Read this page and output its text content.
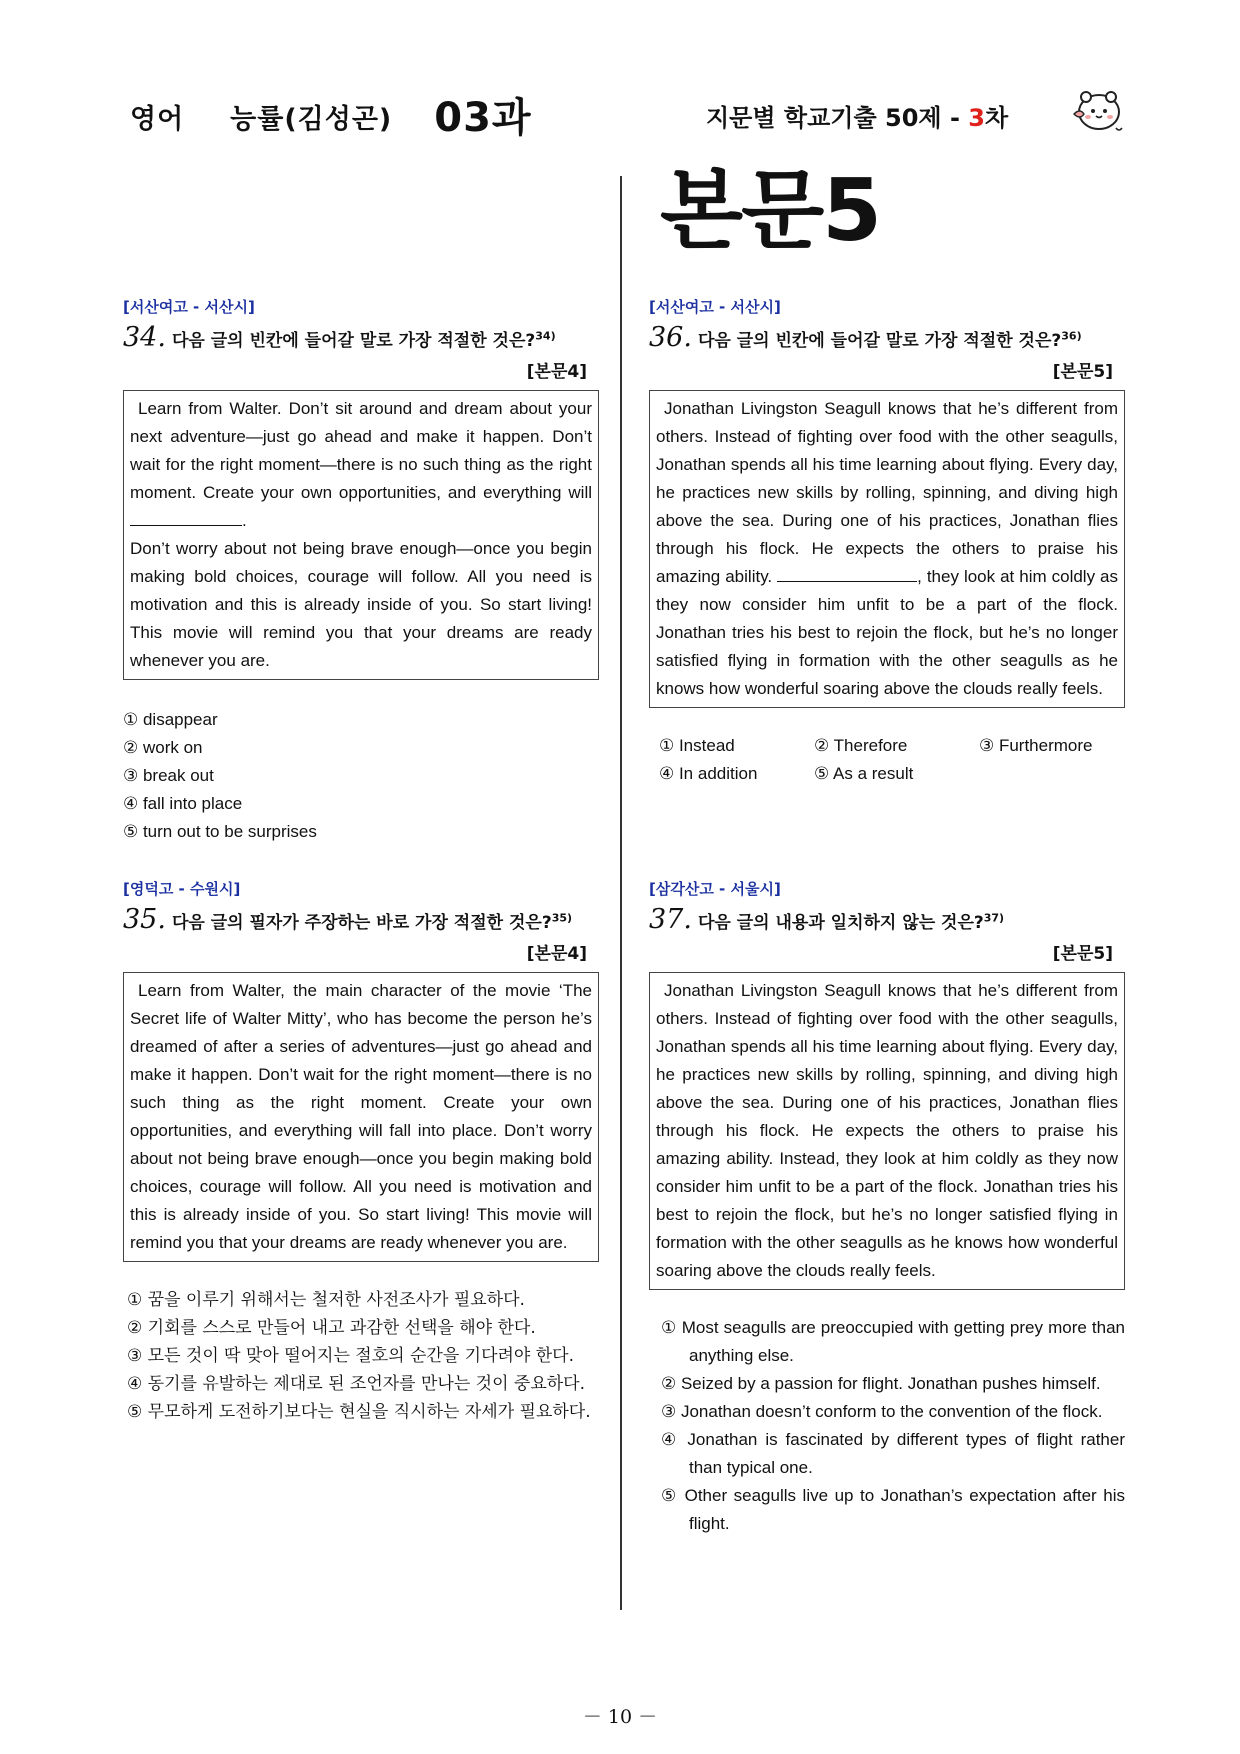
영어 능률(김성곤) 03과	지문별 학교기출 50제 - 3차
본문5
[서산여고 - 서산시]
34. 다음 글의 빈칸에 들어갈 말로 가장 적절한 것은?$^{34)}$
[본문4]
Learn from Walter. Don’t sit around and dream about your next adventure—just go ahead and make it happen. Don’t wait for the right moment—there is no such thing as the right moment. Create your own opportunities, and everything will .
Don’t worry about not being brave enough—once you begin making bold choices, courage will follow. All you need is motivation and this is already inside of you. So start living! This movie will remind you that your dreams are ready whenever you are.
① disappear
② work on
③ break out
④ fall into place
⑤ turn out to be surprises
[영덕고 - 수원시]
35. 다음 글의 필자가 주장하는 바로 가장 적절한 것은?$^{35)}$
[본문4]
Learn from Walter, the main character of the movie ‘The Secret life of Walter Mitty’, who has become the person he’s dreamed of after a series of adventures—just go ahead and make it happen. Don’t wait for the right moment—there is no such thing as the right moment. Create your own opportunities, and everything will fall into place. Don’t worry about not being brave enough—once you begin making bold choices, courage will follow. All you need is motivation and this is already inside of you. So start living! This movie will remind you that your dreams are ready whenever you are.
① 꿈을 이루기 위해서는 철저한 사전조사가 필요하다.
② 기회를 스스로 만들어 내고 과감한 선택을 해야 한다.
③ 모든 것이 딱 맞아 떨어지는 절호의 순간을 기다려야 한다.
④ 동기를 유발하는 제대로 된 조언자를 만나는 것이 중요하다.
⑤ 무모하게 도전하기보다는 현실을 직시하는 자세가 필요하다.
[서산여고 - 서산시]
36. 다음 글의 빈칸에 들어갈 말로 가장 적절한 것은?$^{36)}$
[본문5]
Jonathan Livingston Seagull knows that he’s different from others. Instead of fighting over food with the other seagulls, Jonathan spends all his time learning about flying. Every day, he practices new skills by rolling, spinning, and diving high above the sea. During one of his practices, Jonathan flies through his flock. He expects the others to praise his amazing ability.	, they look at him coldly as they now consider him unfit to be a part of the flock. Jonathan tries his best to rejoin the flock, but he’s no longer satisfied flying in formation with the other seagulls as he knows how wonderful soaring above the clouds really feels.
① Instead	② Therefore	③ Furthermore
④ In addition	⑤ As a result
[삼각산고 - 서울시]
37. 다음 글의 내용과 일치하지 않는 것은?$^{37)}$
[본문5]
Jonathan Livingston Seagull knows that he’s different from others. Instead of fighting over food with the other seagulls, Jonathan spends all his time learning about flying. Every day, he practices new skills by rolling, spinning, and diving high above the sea. During one of his practices, Jonathan flies through his flock. He expects the others to praise his amazing ability. Instead, they look at him coldly as they now consider him unfit to be a part of the flock. Jonathan tries his best to rejoin the flock, but he’s no longer satisfied flying in formation with the other seagulls as he knows how wonderful soaring above the clouds really feels.
① Most seagulls are preoccupied with getting prey more than anything else.
② Seized by a passion for flight. Jonathan pushes himself.
③ Jonathan doesn’t conform to the convention of the flock.
④ Jonathan is fascinated by different types of flight rather than typical one.
⑤ Other seagulls live up to Jonathan’s expectation after his flight.
－ 10 －
